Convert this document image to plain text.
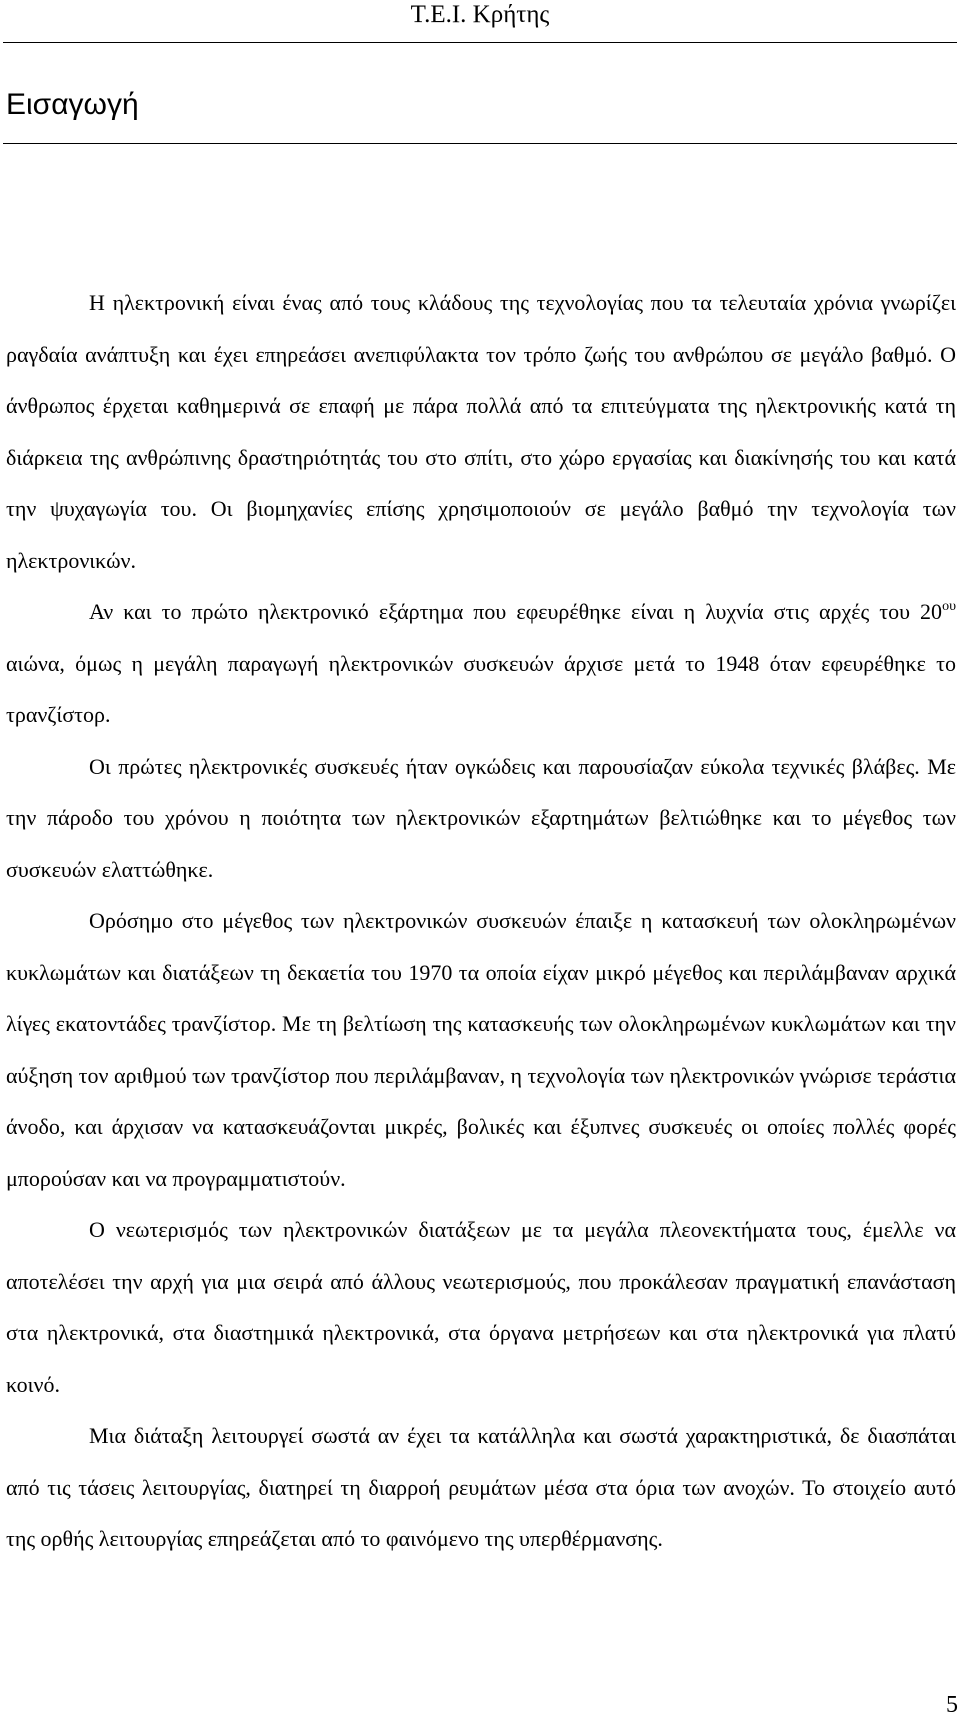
Τ.Ε.Ι. Κρήτης
Εισαγωγή

Η ηλεκτρονική είναι ένας από τους κλάδους της τεχνολογίας που τα τελευταία χρόνια γνωρίζει ραγδαία ανάπτυξη και έχει επηρεάσει ανεπιφύλακτα τον τρόπο ζωής του ανθρώπου σε μεγάλο βαθμό. Ο άνθρωπος έρχεται καθημερινά σε επαφή με πάρα πολλά από τα επιτεύγματα της ηλεκτρονικής κατά τη διάρκεια της ανθρώπινης δραστηριότητάς του στο σπίτι, στο χώρο εργασίας και διακίνησής του και κατά την ψυχαγωγία του. Οι βιομηχανίες επίσης χρησιμοποιούν σε μεγάλο βαθμό την τεχνολογία των ηλεκτρονικών.

Αν και το πρώτο ηλεκτρονικό εξάρτημα που εφευρέθηκε είναι η λυχνία στις αρχές του $20^{o\upsilon}$ αιώνα, όμως η μεγάλη παραγωγή ηλεκτρονικών συσκευών άρχισε μετά το 1948 όταν εφευρέθηκε το τρανζίστορ.

Οι πρώτες ηλεκτρονικές συσκευές ήταν ογκώδεις και παρουσίαζαν εύκολα τεχνικές βλάβες. Με την πάροδο του χρόνου η ποιότητα των ηλεκτρονικών εξαρτημάτων βελτιώθηκε και το μέγεθος των συσκευών ελαττώθηκε.

Ορόσημο στο μέγεθος των ηλεκτρονικών συσκευών έπαιξε η κατασκευή των ολοκληρωμένων κυκλωμάτων και διατάξεων τη δεκαετία του 1970 τα οποία είχαν μικρό μέγεθος και περιλάμβαναν αρχικά λίγες εκατοντάδες τρανζίστορ. Με τη βελτίωση της κατασκευής των ολοκληρωμένων κυκλωμάτων και την αύξηση τον αριθμού των τρανζίστορ που περιλάμβαναν, η τεχνολογία των ηλεκτρονικών γνώρισε τεράστια άνοδο, και άρχισαν να κατασκευάζονται μικρές, βολικές και έξυπνες συσκευές οι οποίες πολλές φορές μπορούσαν και να προγραμματιστούν.

Ο νεωτερισμός των ηλεκτρονικών διατάξεων με τα μεγάλα πλεονεκτήματα τους, έμελλε να αποτελέσει την αρχή για μια σειρά από άλλους νεωτερισμούς, που προκάλεσαν πραγματική επανάσταση στα ηλεκτρονικά, στα διαστημικά ηλεκτρονικά, στα όργανα μετρήσεων και στα ηλεκτρονικά για πλατύ κοινό.

Μια διάταξη λειτουργεί σωστά αν έχει τα κατάλληλα και σωστά χαρακτηριστικά, δε διασπάται από τις τάσεις λειτουργίας, διατηρεί τη διαρροή ρευμάτων μέσα στα όρια των ανοχών. Το στοιχείο αυτό της ορθής λειτουργίας επηρεάζεται από το φαινόμενο της υπερθέρμανσης.

5
